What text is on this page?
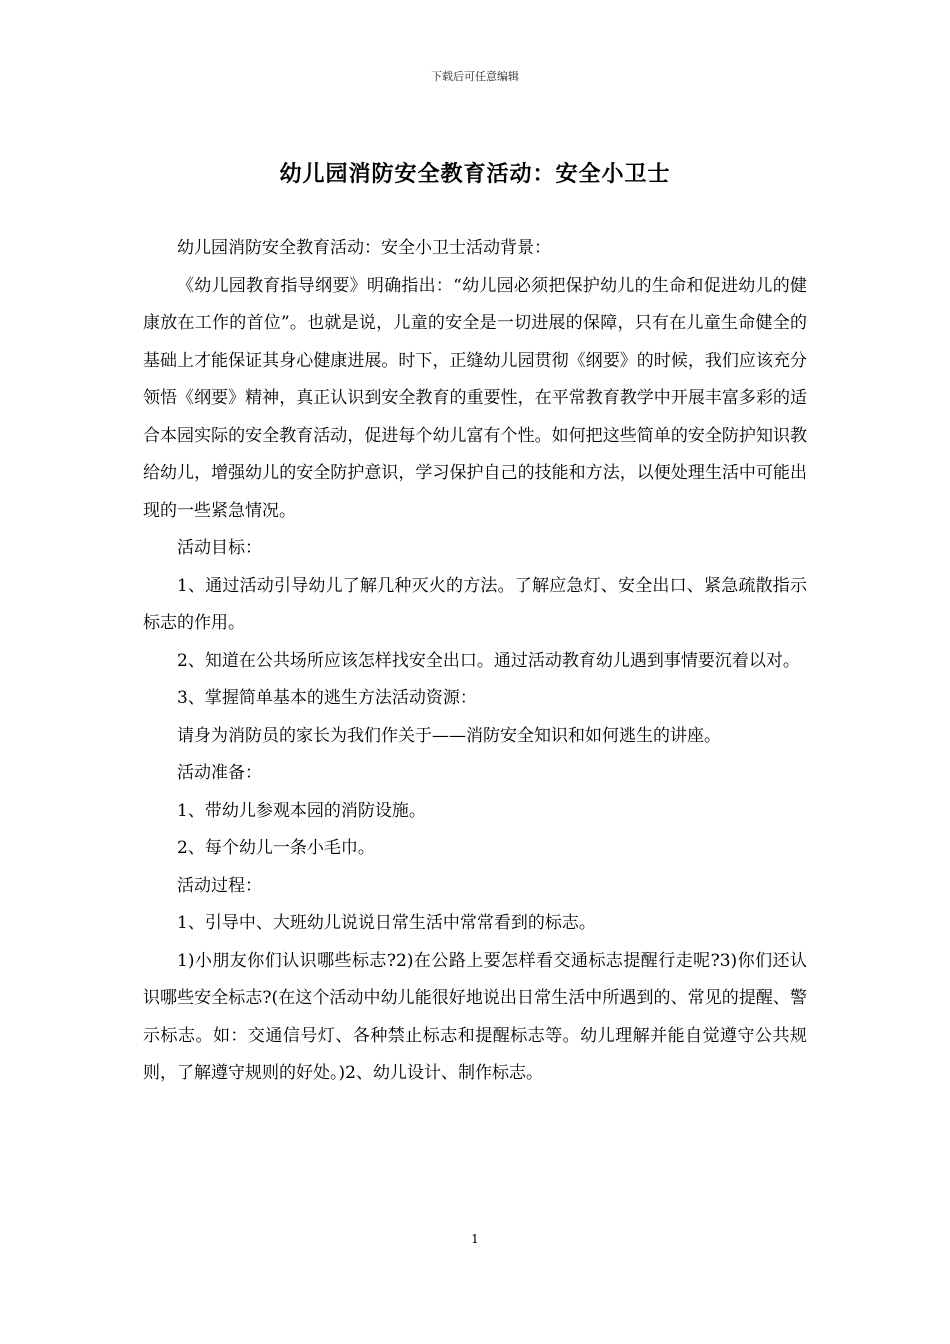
下载后可任意编辑
幼儿园消防安全教育活动：安全小卫士

幼儿园消防安全教育活动：安全小卫士活动背景：

《幼儿园教育指导纲要》明确指出：“幼儿园必须把保护幼儿的生命和促进幼儿的健康放在工作的首位”。也就是说，儿童的安全是一切进展的保障，只有在儿童生命健全的基础上才能保证其身心健康进展。时下，正缝幼儿园贯彻《纲要》的时候，我们应该充分领悟《纲要》精神，真正认识到安全教育的重要性，在平常教育教学中开展丰富多彩的适合本园实际的安全教育活动，促进每个幼儿富有个性。如何把这些简单的安全防护知识教给幼儿，增强幼儿的安全防护意识，学习保护自己的技能和方法，以便处理生活中可能出现的一些紧急情况。

活动目标：

1、通过活动引导幼儿了解几种灭火的方法。了解应急灯、安全出口、紧急疏散指示标志的作用。

2、知道在公共场所应该怎样找安全出口。通过活动教育幼儿遇到事情要沉着以对。

3、掌握简单基本的逃生方法活动资源：

请身为消防员的家长为我们作关于——消防安全知识和如何逃生的讲座。

活动准备：

1、带幼儿参观本园的消防设施。

2、每个幼儿一条小毛巾。

活动过程：

1、引导中、大班幼儿说说日常生活中常常看到的标志。

1)小朋友你们认识哪些标志?2)在公路上要怎样看交通标志提醒行走呢?3)你们还认识哪些安全标志?(在这个活动中幼儿能很好地说出日常生活中所遇到的、常见的提醒、警示标志。如：交通信号灯、各种禁止标志和提醒标志等。幼儿理解并能自觉遵守公共规则，了解遵守规则的好处。)2、幼儿设计、制作标志。

1
